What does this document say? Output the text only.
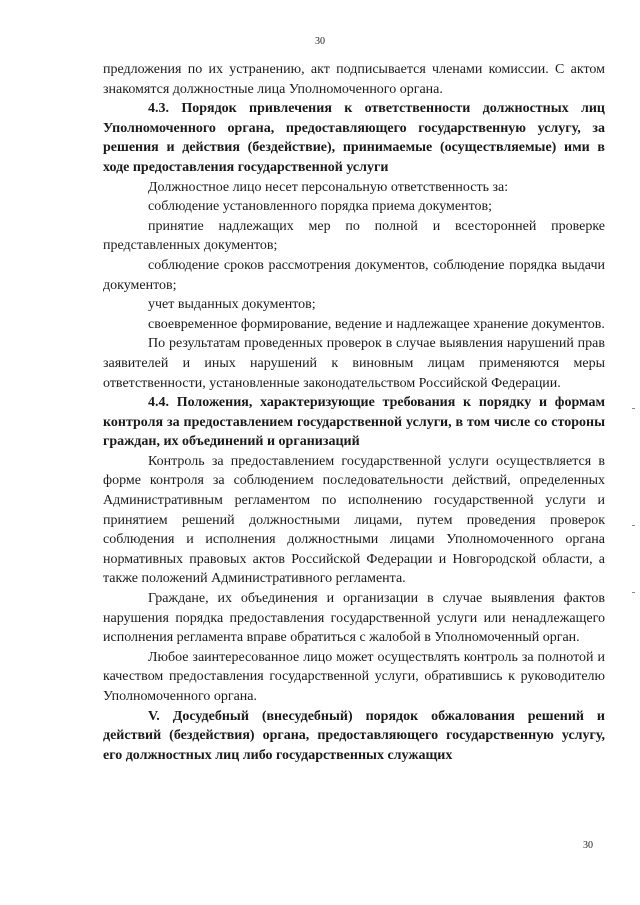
30

предложения по их устранению, акт подписывается членами комиссии. С актом знакомятся должностные лица Уполномоченного органа.

4.3. Порядок привлечения к ответственности должностных лиц Уполномоченного органа, предоставляющего государственную услугу, за решения и действия (бездействие), принимаемые (осуществляемые) ими в ходе предоставления государственной услуги

Должностное лицо несет персональную ответственность за:

соблюдение установленного порядка приема документов;

принятие надлежащих мер по полной и всесторонней проверке представленных документов;

соблюдение сроков рассмотрения документов, соблюдение порядка выдачи документов;

учет выданных документов;

своевременное формирование, ведение и надлежащее хранение документов.

По результатам проведенных проверок в случае выявления нарушений прав заявителей и иных нарушений к виновным лицам применяются меры ответственности, установленные законодательством Российской Федерации.

4.4. Положения, характеризующие требования к порядку и формам контроля за предоставлением государственной услуги, в том числе со стороны граждан, их объединений и организаций

Контроль за предоставлением государственной услуги осуществляется в форме контроля за соблюдением последовательности действий, определенных Административным регламентом по исполнению государственной услуги и принятием решений должностными лицами, путем проведения проверок соблюдения и исполнения должностными лицами Уполномоченного органа нормативных правовых актов Российской Федерации и Новгородской области, а также положений Административного регламента.

Граждане, их объединения и организации в случае выявления фактов нарушения порядка предоставления государственной услуги или ненадлежащего исполнения регламента вправе обратиться с жалобой в Уполномоченный орган.

Любое заинтересованное лицо может осуществлять контроль за полнотой и качеством предоставления государственной услуги, обратившись к руководителю Уполномоченного органа.

V. Досудебный (внесудебный) порядок обжалования решений и действий (бездействия) органа, предоставляющего государственную услугу, его должностных лиц либо государственных служащих

30
